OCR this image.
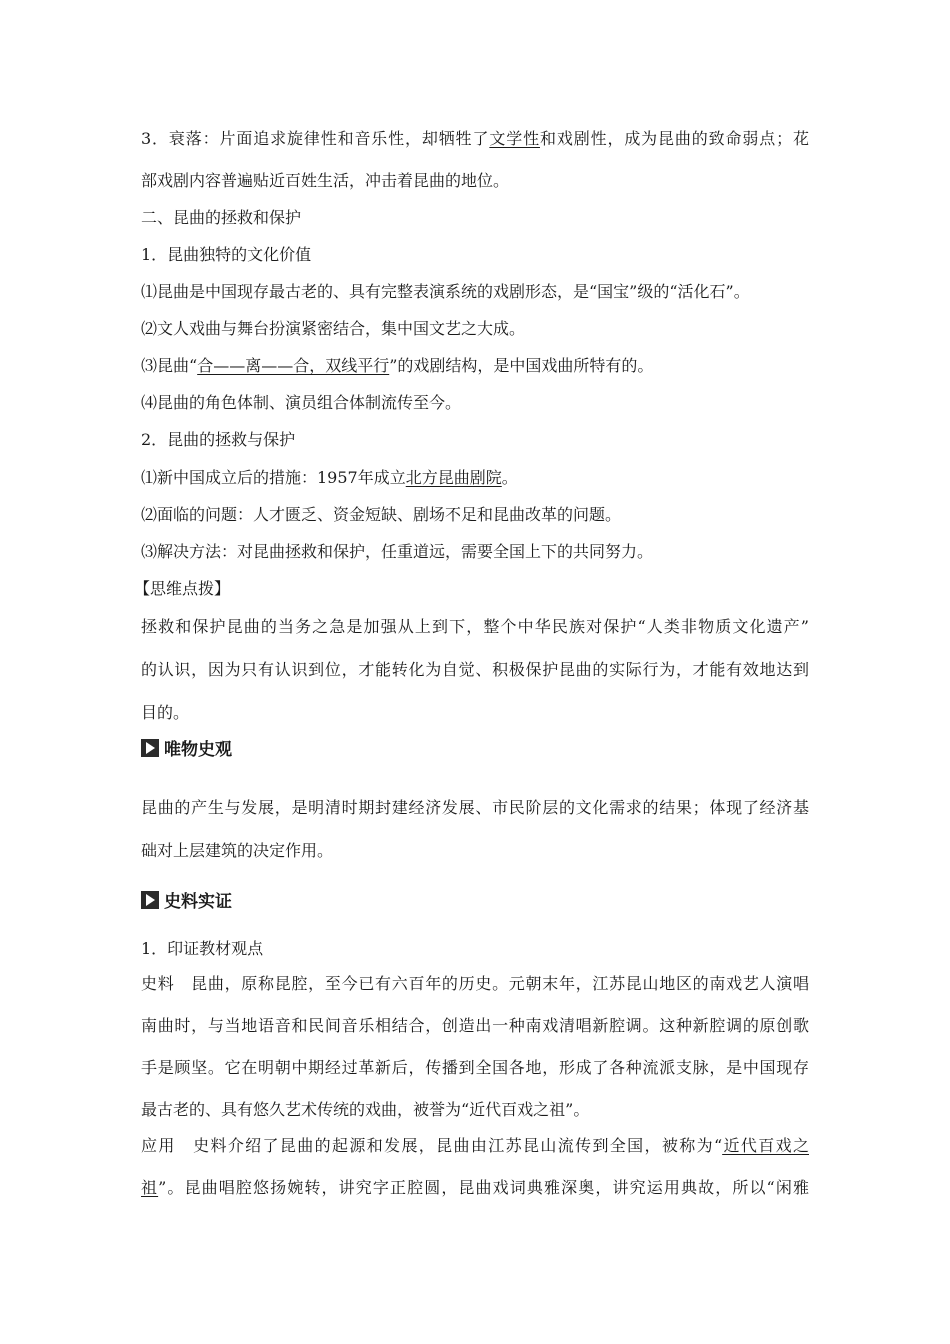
3．衰落：片面追求旋律性和音乐性，却牺牲了文学性和戏剧性，成为昆曲的致命弱点；花
部戏剧内容普遍贴近百姓生活，冲击着昆曲的地位。
二、昆曲的拯救和保护
1．昆曲独特的文化价值
⑴昆曲是中国现存最古老的、具有完整表演系统的戏剧形态，是“国宝”级的“活化石”。
⑵文人戏曲与舞台扮演紧密结合，集中国文艺之大成。
⑶昆曲“合——离——合，双线平行”的戏剧结构，是中国戏曲所特有的。
⑷昆曲的角色体制、演员组合体制流传至今。
2．昆曲的拯救与保护
⑴新中国成立后的措施：1957年成立北方昆曲剧院。
⑵面临的问题：人才匮乏、资金短缺、剧场不足和昆曲改革的问题。
⑶解决方法：对昆曲拯救和保护，任重道远，需要全国上下的共同努力。
【思维点拨】
拯救和保护昆曲的当务之急是加强从上到下，整个中华民族对保护“人类非物质文化遗产”
的认识，因为只有认识到位，才能转化为自觉、积极保护昆曲的实际行为，才能有效地达到
目的。
唯物史观
昆曲的产生与发展，是明清时期封建经济发展、市民阶层的文化需求的结果；体现了经济基
础对上层建筑的决定作用。
史料实证
1．印证教材观点
史料　昆曲，原称昆腔，至今已有六百年的历史。元朝末年，江苏昆山地区的南戏艺人演唱
南曲时，与当地语音和民间音乐相结合，创造出一种南戏清唱新腔调。这种新腔调的原创歌
手是顾坚。它在明朝中期经过革新后，传播到全国各地，形成了各种流派支脉，是中国现存
最古老的、具有悠久艺术传统的戏曲，被誉为“近代百戏之祖”。
应用　史料介绍了昆曲的起源和发展，昆曲由江苏昆山流传到全国，被称为“近代百戏之
祖”。昆曲唱腔悠扬婉转，讲究字正腔圆，昆曲戏词典雅深奥，讲究运用典故，所以“闲雅
